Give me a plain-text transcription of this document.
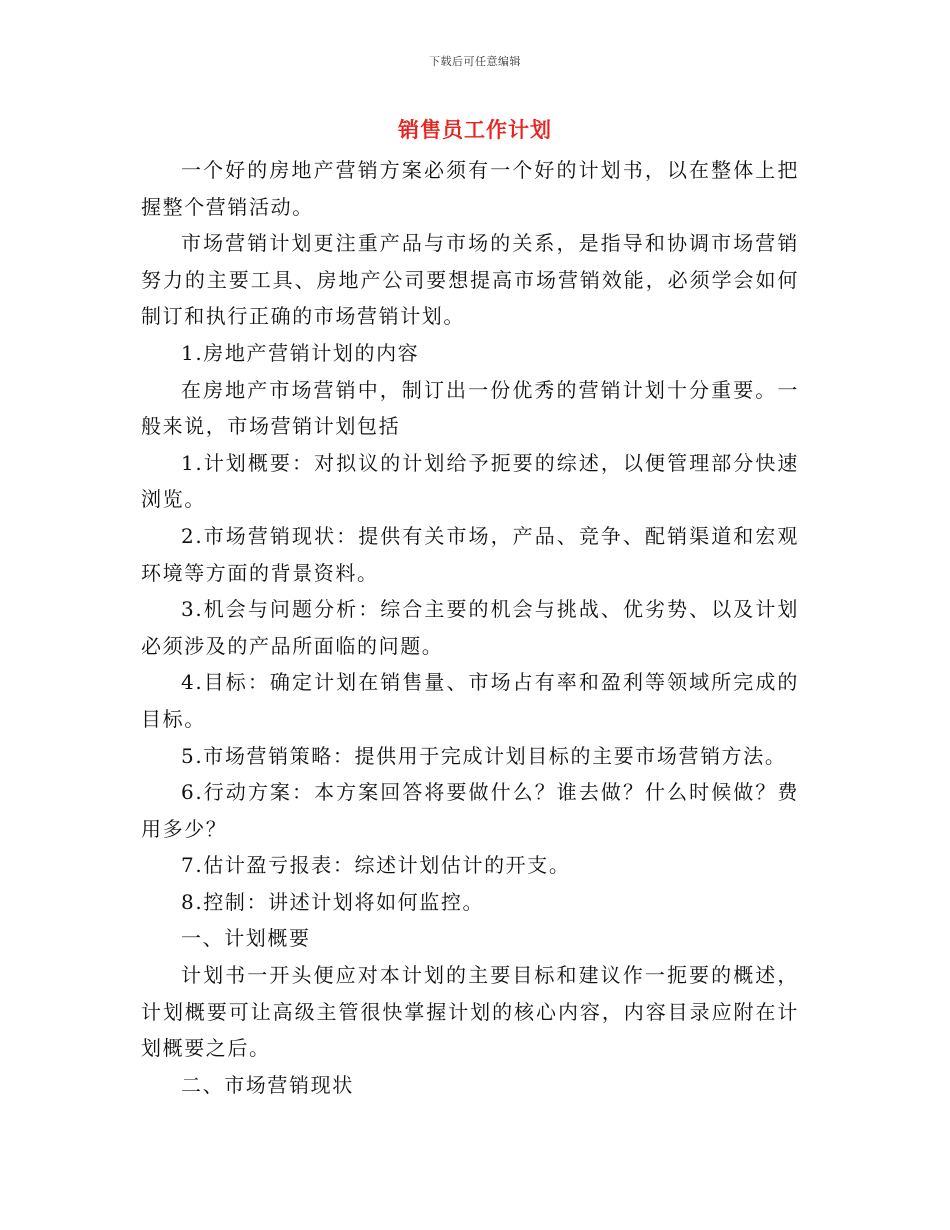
下载后可任意编辑
销售员工作计划

一个好的房地产营销方案必须有一个好的计划书，以在整体上把握整个营销活动。

市场营销计划更注重产品与市场的关系，是指导和协调市场营销努力的主要工具、房地产公司要想提高市场营销效能，必须学会如何制订和执行正确的市场营销计划。

1.房地产营销计划的内容

在房地产市场营销中，制订出一份优秀的营销计划十分重要。一般来说，市场营销计划包括

1.计划概要：对拟议的计划给予扼要的综述，以便管理部分快速浏览。

2.市场营销现状：提供有关市场，产品、竞争、配销渠道和宏观环境等方面的背景资料。

3.机会与问题分析：综合主要的机会与挑战、优劣势、以及计划必须涉及的产品所面临的问题。

4.目标：确定计划在销售量、市场占有率和盈利等领域所完成的目标。

5.市场营销策略：提供用于完成计划目标的主要市场营销方法。

6.行动方案：本方案回答将要做什么？谁去做？什么时候做？费用多少？

7.估计盈亏报表：综述计划估计的开支。

8.控制：讲述计划将如何监控。

一、计划概要

计划书一开头便应对本计划的主要目标和建议作一扼要的概述，计划概要可让高级主管很快掌握计划的核心内容，内容目录应附在计划概要之后。

二、市场营销现状
